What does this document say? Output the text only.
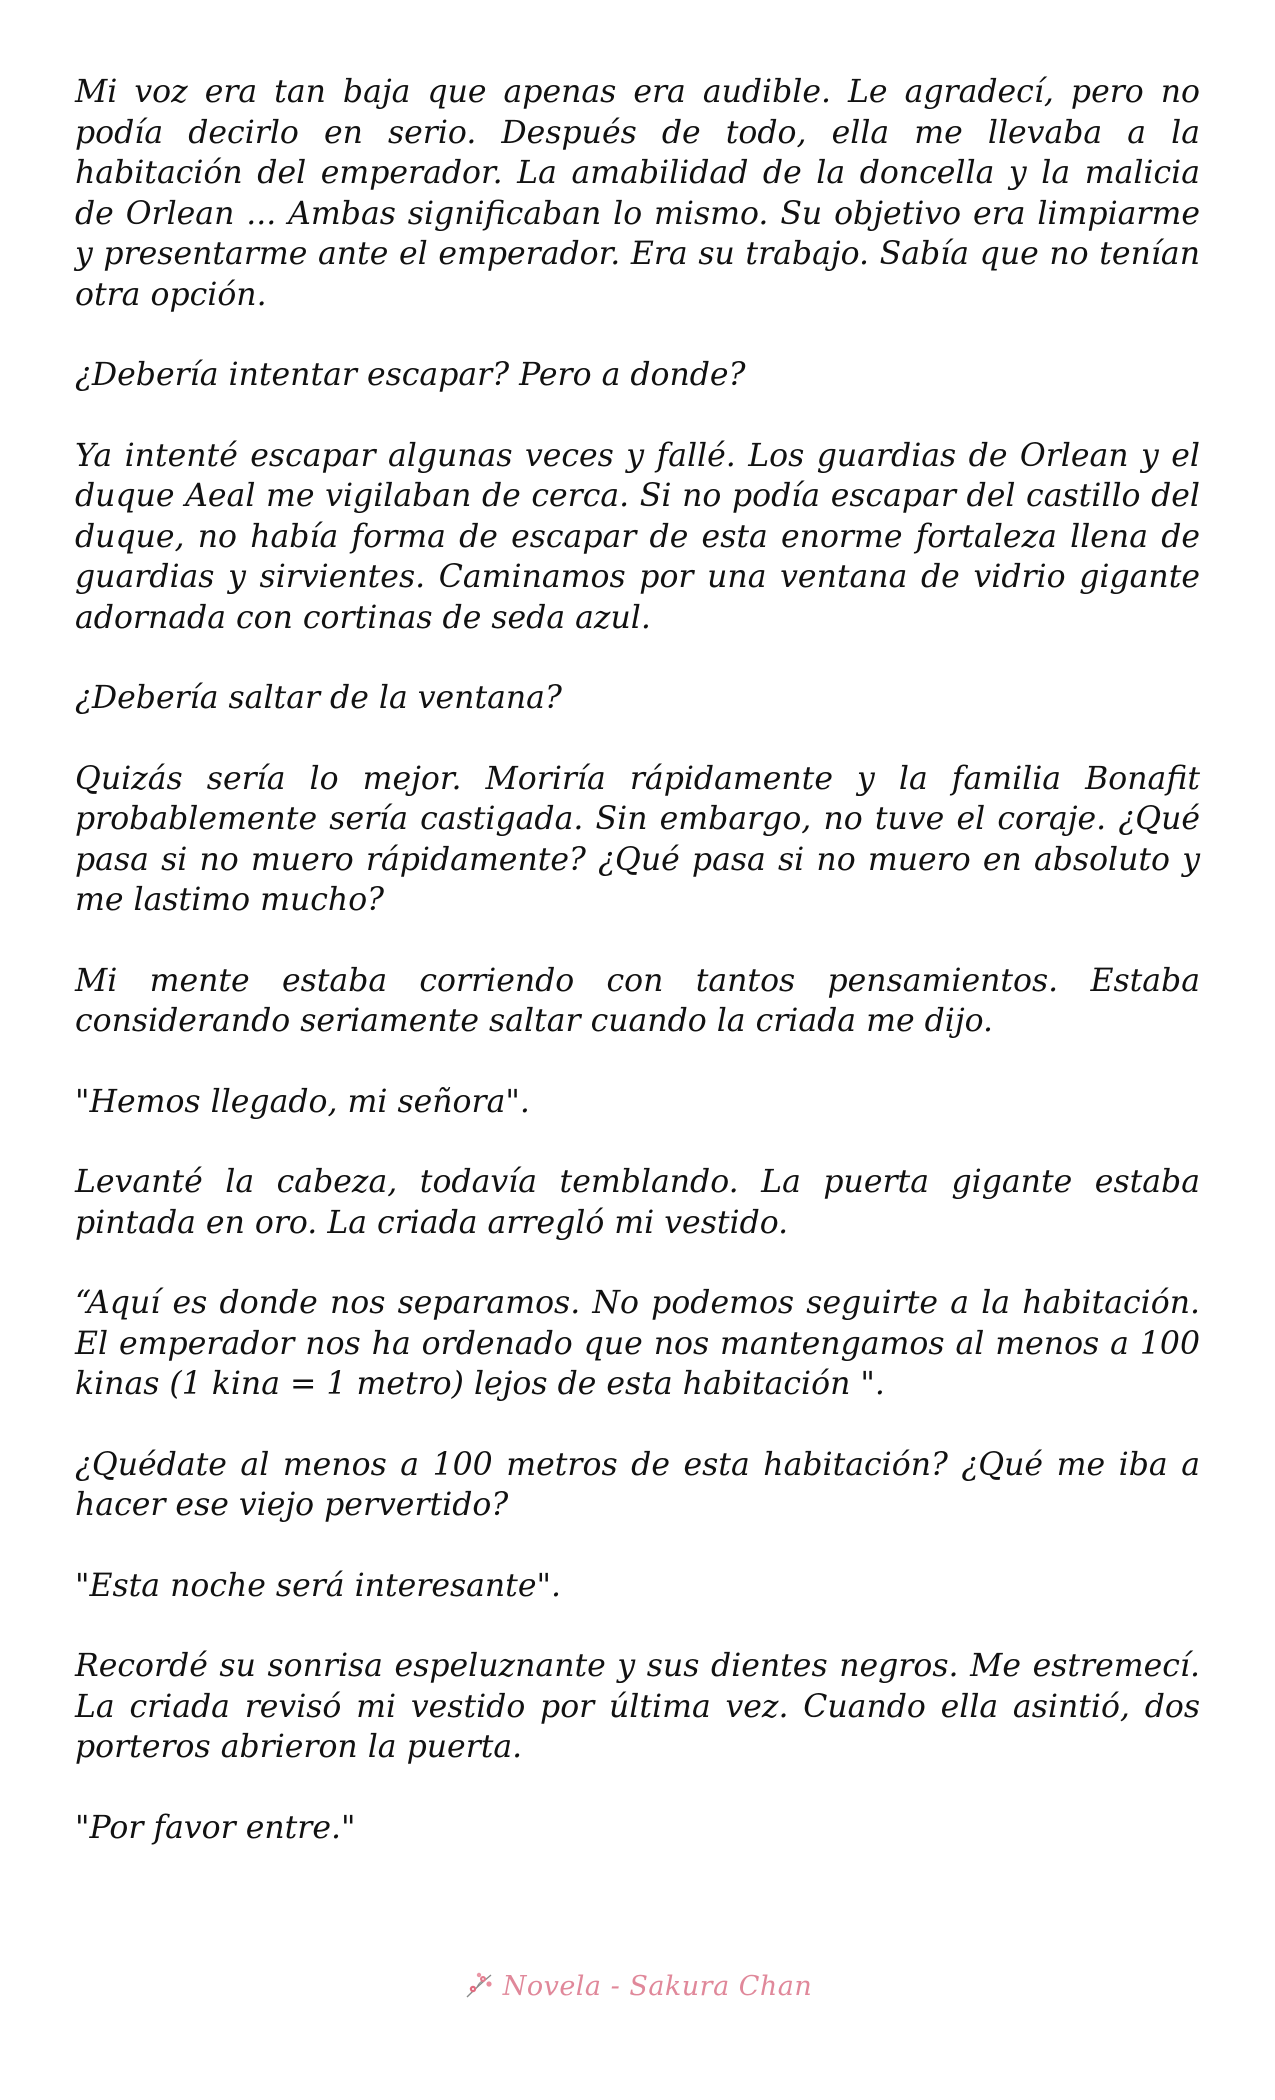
Mi voz era tan baja que apenas era audible. Le agradecí, pero no podía decirlo en serio. Después de todo, ella me llevaba a la habitación del emperador. La amabilidad de la doncella y la malicia de Orlean ... Ambas significaban lo mismo. Su objetivo era limpiarme y presentarme ante el emperador. Era su trabajo. Sabía que no tenían otra opción.

¿Debería intentar escapar? Pero a donde?

Ya intenté escapar algunas veces y fallé. Los guardias de Orlean y el duque Aeal me vigilaban de cerca. Si no podía escapar del castillo del duque, no había forma de escapar de esta enorme fortaleza llena de guardias y sirvientes. Caminamos por una ventana de vidrio gigante adornada con cortinas de seda azul.

¿Debería saltar de la ventana?

Quizás sería lo mejor. Moriría rápidamente y la familia Bonafit probablemente sería castigada. Sin embargo, no tuve el coraje. ¿Qué pasa si no muero rápidamente? ¿Qué pasa si no muero en absoluto y me lastimo mucho?

Mi mente estaba corriendo con tantos pensamientos. Estaba considerando seriamente saltar cuando la criada me dijo.

"Hemos llegado, mi señora".

Levanté la cabeza, todavía temblando. La puerta gigante estaba pintada en oro. La criada arregló mi vestido.

“Aquí es donde nos separamos. No podemos seguirte a la habitación. El emperador nos ha ordenado que nos mantengamos al menos a 100 kinas (1 kina = 1 metro) lejos de esta habitación ".

¿Quédate al menos a 100 metros de esta habitación? ¿Qué me iba a hacer ese viejo pervertido?

"Esta noche será interesante".

Recordé su sonrisa espeluznante y sus dientes negros. Me estremecí. La criada revisó mi vestido por última vez. Cuando ella asintió, dos porteros abrieron la puerta.

"Por favor entre."

Novela - Sakura Chan
